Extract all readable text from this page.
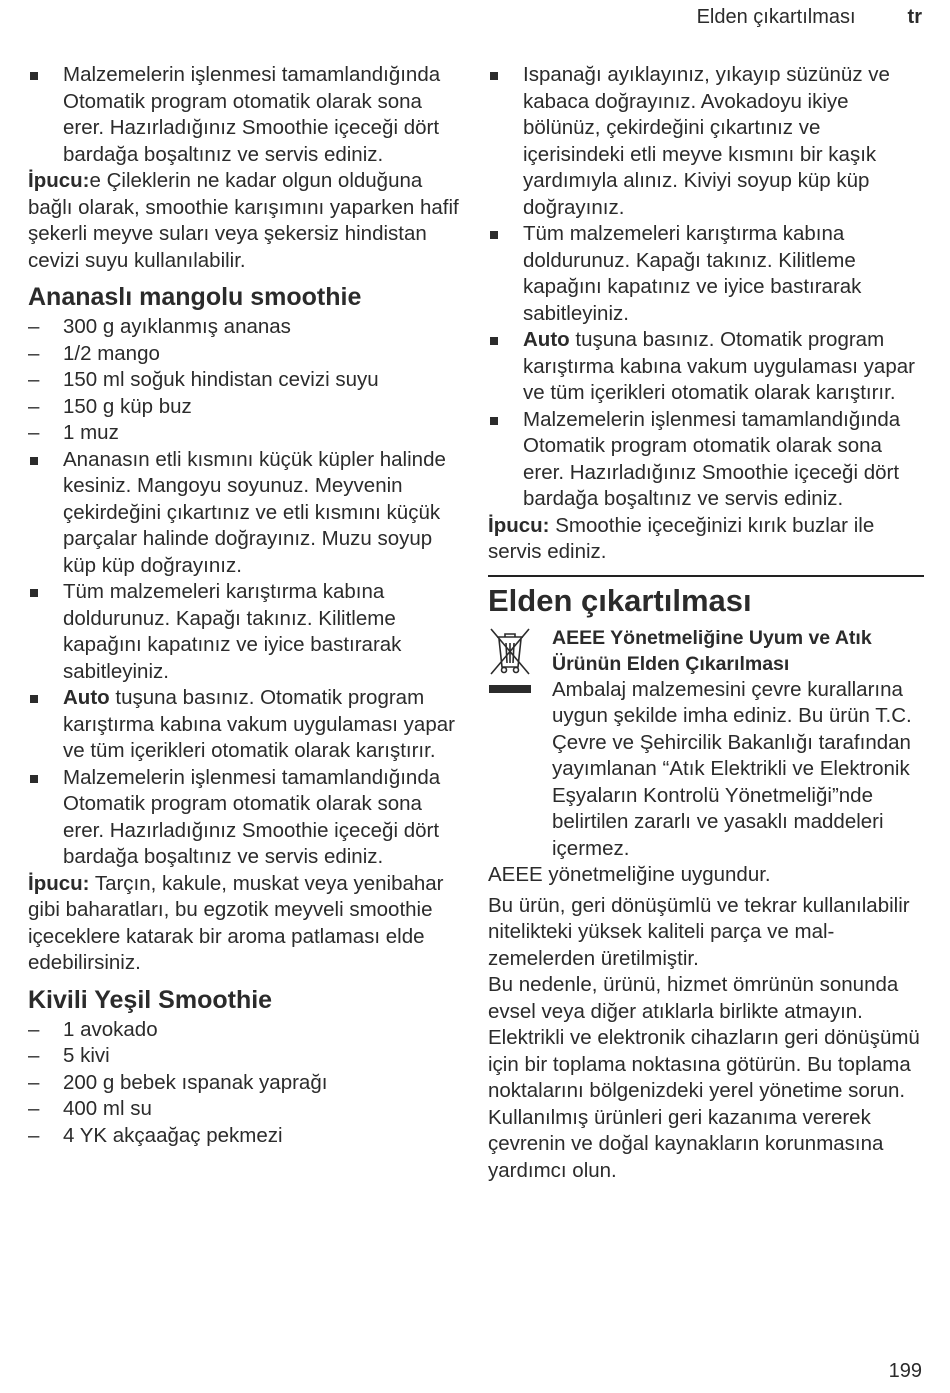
Elden çıkartılması	tr
Malzemelerin işlenmesi tamamlandığında Otomatik program otomatik olarak sona erer. Hazırladığınız Smoothie içeceği dört bardağa boşaltınız ve servis ediniz.
İpucu:e Çileklerin ne kadar olgun olduğuna bağlı olarak, smoothie karışımını yaparken hafif şekerli meyve suları veya şekersiz hindistan cevizi suyu kullanılabilir.
Ananaslı mangolu smoothie
– 300 g ayıklanmış ananas
– 1/2 mango
– 150 ml soğuk hindistan cevizi suyu
– 150 g küp buz
– 1 muz
Ananasın etli kısmını küçük küpler halinde kesiniz. Mangoyu soyunuz. Meyvenin çekirdeğini çıkartınız ve etli kısmını küçük parçalar halinde doğrayınız. Muzu soyup küp küp doğrayınız.
Tüm malzemeleri karıştırma kabına doldurunuz. Kapağı takınız. Kilitleme kapağını kapatınız ve iyice bastırarak sabitleyiniz.
Auto tuşuna basınız. Otomatik program karıştırma kabına vakum uygulaması yapar ve tüm içerikleri otomatik olarak karıştırır.
Malzemelerin işlenmesi tamamlandığında Otomatik program otomatik olarak sona erer. Hazırladığınız Smoothie içeceği dört bardağa boşaltınız ve servis ediniz.
İpucu: Tarçın, kakule, muskat veya yenibahar gibi baharatları, bu egzotik meyveli smoothie içeceklere katarak bir aroma patlaması elde edebilirsiniz.
Kivili Yeşil Smoothie
– 1 avokado
– 5 kivi
– 200 g bebek ıspanak yaprağı
– 400 ml su
– 4 YK akçaağaç pekmezi
Ispanağı ayıklayınız, yıkayıp süzünüz ve kabaca doğrayınız. Avokadoyu ikiye bölünüz, çekirdeğini çıkartınız ve içerisindeki etli meyve kısmını bir kaşık yardımıyla alınız. Kiviyi soyup küp küp doğrayınız.
Tüm malzemeleri karıştırma kabına doldurunuz. Kapağı takınız. Kilitleme kapağını kapatınız ve iyice bastırarak sabitleyiniz.
Auto tuşuna basınız. Otomatik program karıştırma kabına vakum uygulaması yapar ve tüm içerikleri otomatik olarak karıştırır.
Malzemelerin işlenmesi tamamlandığında Otomatik program otomatik olarak sona erer. Hazırladığınız Smoothie içeceği dört bardağa boşaltınız ve servis ediniz.
İpucu: Smoothie içeceğinizi kırık buzlar ile servis ediniz.
Elden çıkartılması
AEEE Yönetmeliğine Uyum ve Atık Ürünün Elden Çıkarılması
Ambalaj malzemesini çevre kurallarına uygun şekilde imha ediniz. Bu ürün T.C. Çevre ve Şehircilik Bakanlığı tarafından yayımlanan “Atık Elektrikli ve Elektronik Eşyaların Kontrolü Yönetmeliği”nde belirtilen zararlı ve yasaklı maddeleri içermez.
AEEE yönetmeliğine uygundur.
Bu ürün, geri dönüşümlü ve tekrar kullanılabilir nitelikteki yüksek kaliteli parça ve malzemelerden üretilmiştir.
Bu nedenle, ürünü, hizmet ömrünün sonunda evsel veya diğer atıklarla birlikte atmayın. Elektrikli ve elektronik cihazların geri dönüşümü için bir toplama noktasına götürün. Bu toplama noktalarını bölgenizdeki yerel yönetime sorun.
Kullanılmış ürünleri geri kazanıma vererek çevrenin ve doğal kaynakların korunmasına yardımcı olun.
199
